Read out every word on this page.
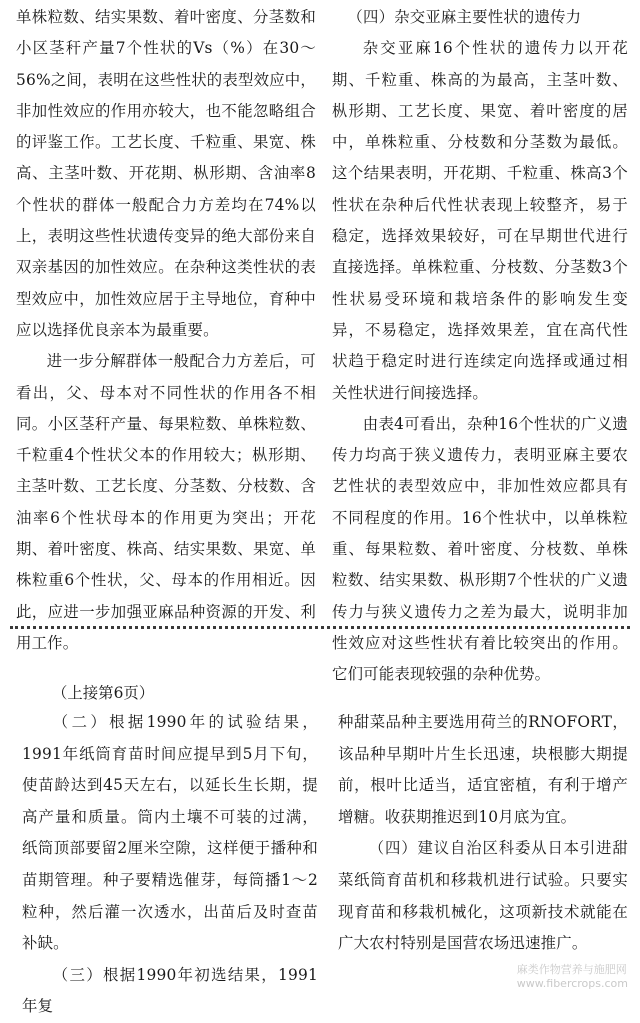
单株粒数、结实果数、着叶密度、分茎数和小区茎秆产量7个性状的Vs（%）在30～56%之间，表明在这些性状的表型效应中，非加性效应的作用亦较大，也不能忽略组合的评鉴工作。工艺长度、千粒重、果宽、株高、主茎叶数、开花期、枞形期、含油率8个性状的群体一般配合力方差均在74%以上，表明这些性状遗传变异的绝大部份来自双亲基因的加性效应。在杂种这类性状的表型效应中，加性效应居于主导地位，育种中应以选择优良亲本为最重要。

进一步分解群体一般配合力方差后，可看出，父、母本对不同性状的作用各不相同。小区茎秆产量、每果粒数、单株粒数、千粒重4个性状父本的作用较大；枞形期、主茎叶数、工艺长度、分茎数、分枝数、含油率6个性状母本的作用更为突出；开花期、着叶密度、株高、结实果数、果宽、单株粒重6个性状，父、母本的作用相近。因此，应进一步加强亚麻品种资源的开发、利用工作。

（四）杂交亚麻主要性状的遗传力

杂交亚麻16个性状的遗传力以开花期、千粒重、株高的为最高，主茎叶数、枞形期、工艺长度、果宽、着叶密度的居中，单株粒重、分枝数和分茎数为最低。这个结果表明，开花期、千粒重、株高3个性状在杂种后代性状表现上较整齐，易于稳定，选择效果较好，可在早期世代进行直接选择。单株粒重、分枝数、分茎数3个性状易受环境和栽培条件的影响发生变异，不易稳定，选择效果差，宜在高代性状趋于稳定时进行连续定向选择或通过相关性状进行间接选择。

由表4可看出，杂种16个性状的广义遗传力均高于狭义遗传力，表明亚麻主要农艺性状的表型效应中，非加性效应都具有不同程度的作用。16个性状中，以单株粒重、每果粒数、着叶密度、分枝数、单株粒数、结实果数、枞形期7个性状的广义遗传力与狭义遗传力之差为最大，说明非加性效应对这些性状有着比较突出的作用。它们可能表现较强的杂种优势。

（上接第6页）

（二）根据1990年的试验结果，1991年纸筒育苗时间应提早到5月下旬，使苗龄达到45天左右，以延长生长期，提高产量和质量。筒内土壤不可装的过满，纸筒顶部要留2厘米空隙，这样便于播种和苗期管理。种子要精选催芽，每筒播1～2粒种，然后灌一次透水，出苗后及时查苗补缺。

（三）根据1990年初选结果，1991年复

种甜菜品种主要选用荷兰的RNOFORT，该品种早期叶片生长迅速，块根膨大期提前，根叶比适当，适宜密植，有利于增产增糖。收获期推迟到10月底为宜。

（四）建议自治区科委从日本引进甜菜纸筒育苗机和移栽机进行试验。只要实现育苗和移栽机械化，这项新技术就能在广大农村特别是国营农场迅速推广。

麻类作物营养与施肥网
www.fibercrops.com
